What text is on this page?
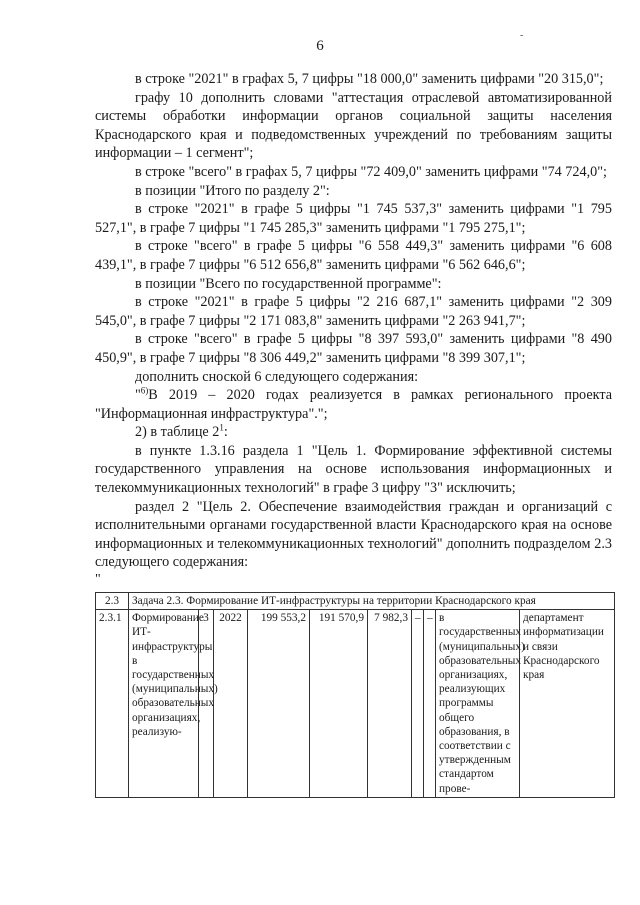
6
-

в строке "2021" в графах 5, 7 цифры "18 000,0" заменить цифрами "20 315,0";

графу 10 дополнить словами "аттестация отраслевой автоматизированной системы обработки информации органов социальной защиты населения Краснодарского края и подведомственных учреждений по требованиям защиты информации – 1 сегмент";

в строке "всего" в графах 5, 7 цифры "72 409,0" заменить цифрами "74 724,0";

в позиции "Итого по разделу 2":

в строке "2021" в графе 5 цифры "1 745 537,3" заменить цифрами "1 795 527,1", в графе 7 цифры "1 745 285,3" заменить цифрами "1 795 275,1";

в строке "всего" в графе 5 цифры "6 558 449,3" заменить цифрами "6 608 439,1", в графе 7 цифры "6 512 656,8" заменить цифрами "6 562 646,6";

в позиции "Всего по государственной программе":

в строке "2021" в графе 5 цифры "2 216 687,1" заменить цифрами "2 309 545,0", в графе 7 цифры "2 171 083,8" заменить цифрами "2 263 941,7";

в строке "всего" в графе 5 цифры "8 397 593,0" заменить цифрами "8 490 450,9", в графе 7 цифры "8 306 449,2" заменить цифрами "8 399 307,1";

дополнить сноской 6 следующего содержания:

"$^{6)}$В 2019 – 2020 годах реализуется в рамках регионального проекта "Информационная инфраструктура".";

2) в таблице $2^1$:

в пункте 1.3.16 раздела 1 "Цель 1. Формирование эффективной системы государственного управления на основе использования информационных и телекоммуникационных технологий" в графе 3 цифру "3" исключить;

раздел 2 "Цель 2. Обеспечение взаимодействия граждан и организаций с исполнительными органами государственной власти Краснодарского края на основе информационных и телекоммуникационных технологий" дополнить подразделом 2.3 следующего содержания:

"
2.3	Задача 2.3. Формирование ИТ-инфраструктуры на территории Краснодарского края									
2.3.1	Формирование ИТ-инфраструктуры в государственных (муниципальных) образовательных организациях, реализую-	3	2022	199 553,2	191 570,9	7 982,3	–	–	в государственных (муниципальных) образовательных организациях, реализующих программы общего образования, в соответствии с утвержденным стандартом прове-	департамент информатизации и связи Краснодарского края
